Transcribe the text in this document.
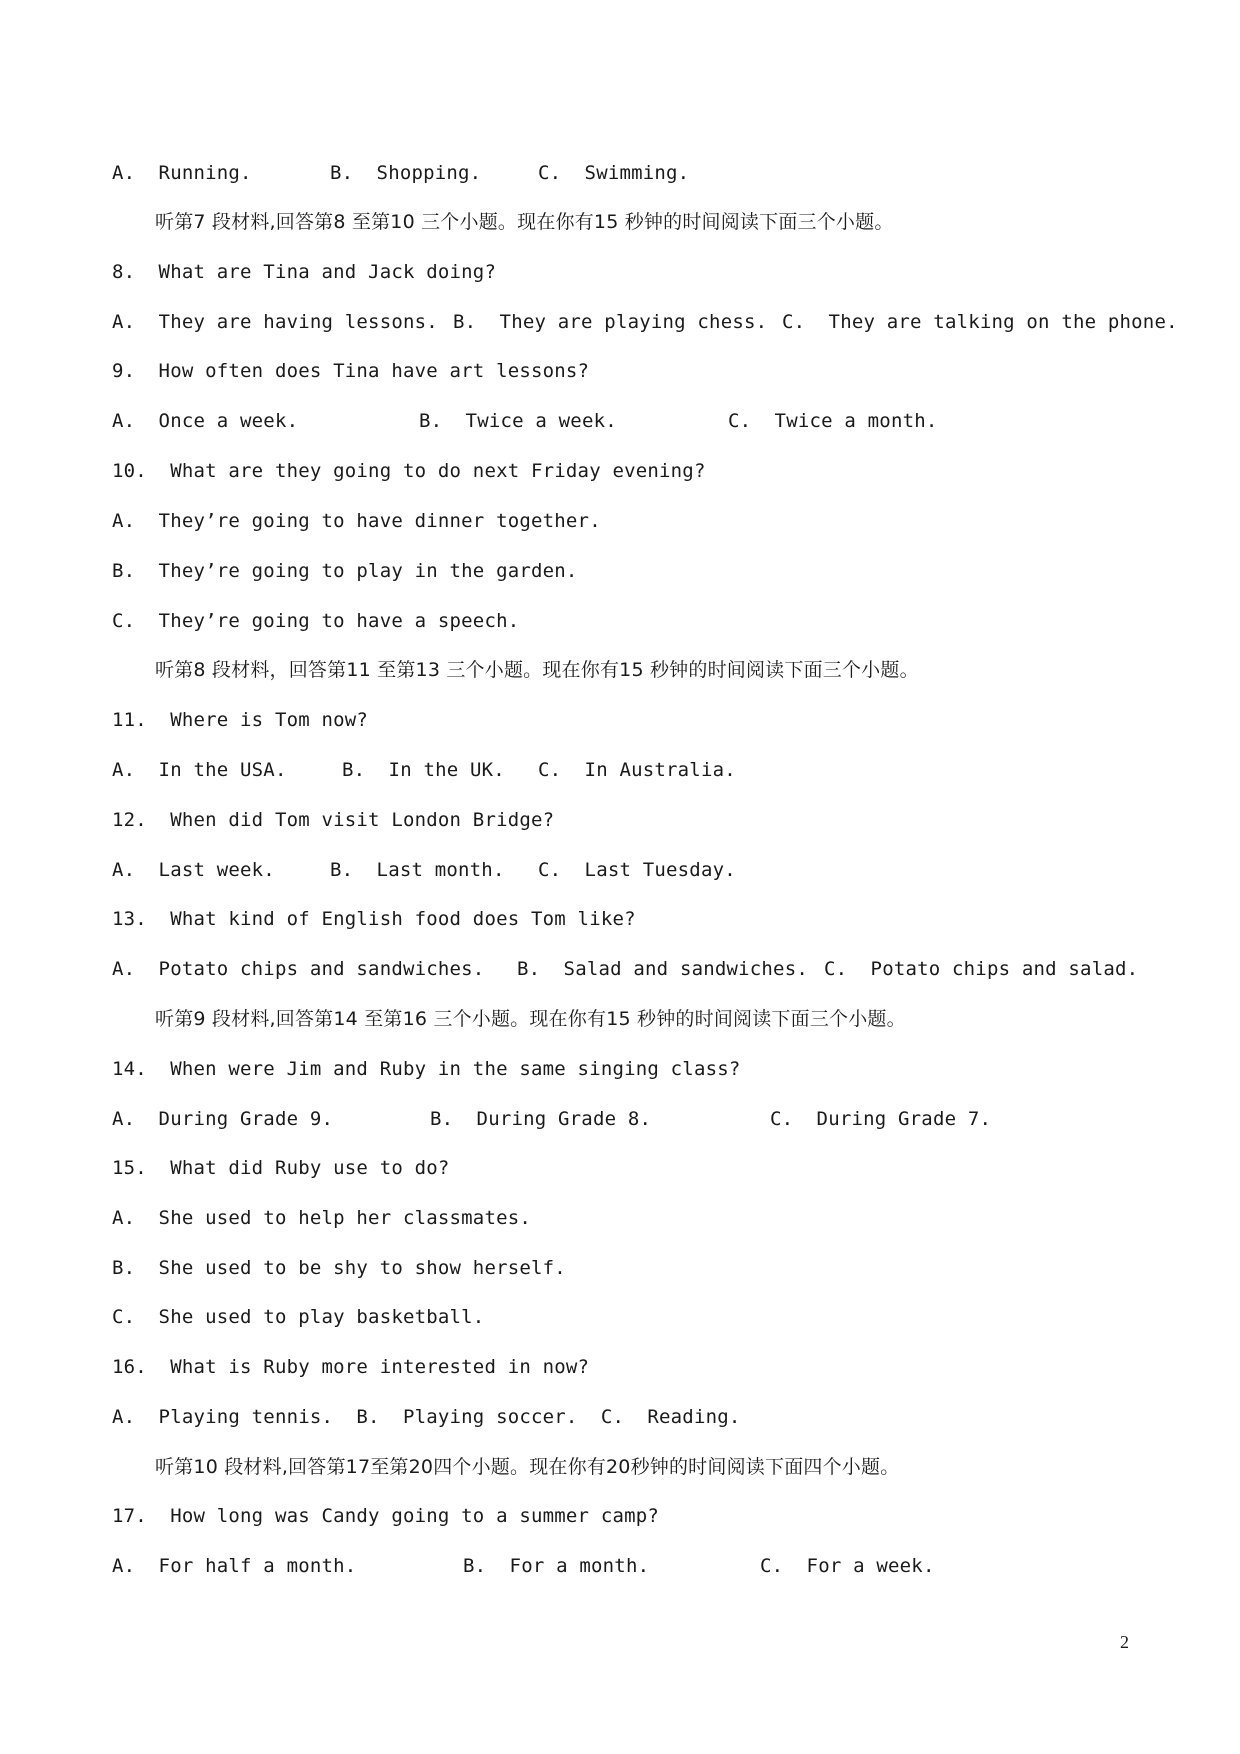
A.  Running.

	B.  Shopping.

	C.  Swimming.

听第7 段材料,回答第8 至第10 三个小题。现在你有15 秒钟的时间阅读下面三个小题。
8.  What are Tina and Jack doing?

A.  They are having lessons.

B.  They are playing chess.

C.  They are talking on the phone.

9.  How often does Tina have art lessons?

A.  Once a week.

	B.  Twice a week.

	C.  Twice a month.

10.  What are they going to do next Friday evening?
A.  They’re going to have dinner together.
B.  They’re going to play in the garden.
C.  They’re going to have a speech.
听第8 段材料，回答第11 至第13 三个小题。现在你有15 秒钟的时间阅读下面三个小题。
11.  Where is Tom now?

A.  In the USA.

	B.  In the UK.

C.  In Australia.

12.  When did Tom visit London Bridge?

A.  Last week.

	B.  Last month.

C.  Last Tuesday.

13.  What kind of English food does Tom like?

A.  Potato chips and sandwiches.

B.  Salad and sandwiches.

C.  Potato chips and salad.

听第9 段材料,回答第14 至第16 三个小题。现在你有15 秒钟的时间阅读下面三个小题。
14.  When were Jim and Ruby in the same singing class?

A.  During Grade 9.

	B.  During Grade 8.

	C.  During Grade 7.

15.  What did Ruby use to do?
A.  She used to help her classmates.
B.  She used to be shy to show herself.
C.  She used to play basketball.
16.  What is Ruby more interested in now?
A.  Playing tennis.  B.  Playing soccer.  C.  Reading.
听第10 段材料,回答第17至第20四个小题。现在你有20秒钟的时间阅读下面四个小题。
17.  How long was Candy going to a summer camp?

A.  For half a month.

	B.  For a month.

	C.  For a week.

2
